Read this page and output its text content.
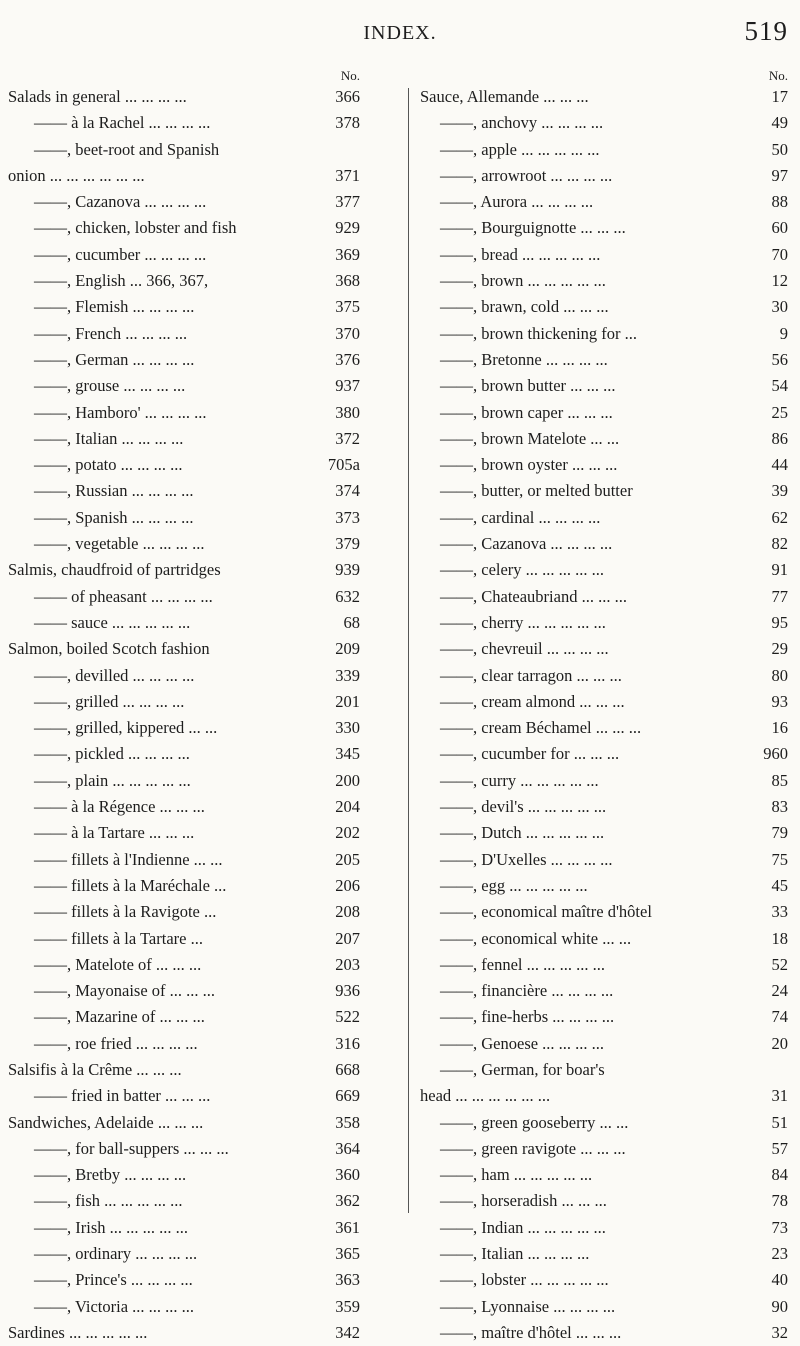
INDEX.	519
No.
Salads in general ... ... ... ...	366
—— à la Rachel ... ... ... ...	378
——, beet-root and Spanish
onion ... ... ... ... ... ...	371
——, Cazanova ... ... ... ...	377
——, chicken, lobster and fish	929
——, cucumber ... ... ... ...	369
——, English ... 366, 367,	368
——, Flemish ... ... ... ...	375
——, French ... ... ... ...	370
——, German ... ... ... ...	376
——, grouse ... ... ... ...	937
——, Hamboro' ... ... ... ...	380
——, Italian ... ... ... ...	372
——, potato ... ... ... ...	705a
——, Russian ... ... ... ...	374
——, Spanish ... ... ... ...	373
——, vegetable ... ... ... ...	379
Salmis, chaudfroid of partridges	939
—— of pheasant ... ... ... ...	632
—— sauce ... ... ... ... ...	68
Salmon, boiled Scotch fashion	209
——, devilled ... ... ... ...	339
——, grilled ... ... ... ...	201
——, grilled, kippered ... ...	330
——, pickled ... ... ... ...	345
——, plain ... ... ... ... ...	200
—— à la Régence ... ... ...	204
—— à la Tartare ... ... ...	202
—— fillets à l'Indienne ... ...	205
—— fillets à la Maréchale ...	206
—— fillets à la Ravigote ...	208
—— fillets à la Tartare ...	207
——, Matelote of ... ... ...	203
——, Mayonaise of ... ... ...	936
——, Mazarine of ... ... ...	522
——, roe fried ... ... ... ...	316
Salsifis à la Crême ... ... ...	668
—— fried in batter ... ... ...	669
Sandwiches, Adelaide ... ... ...	358
——, for ball-suppers ... ... ...	364
——, Bretby ... ... ... ...	360
——, fish ... ... ... ... ...	362
——, Irish ... ... ... ... ...	361
——, ordinary ... ... ... ...	365
——, Prince's ... ... ... ...	363
——, Victoria ... ... ... ...	359
Sardines ... ... ... ... ...	342
No.
Sauce, Allemande ... ... ...	17
——, anchovy ... ... ... ...	49
——, apple ... ... ... ... ...	50
——, arrowroot ... ... ... ...	97
——, Aurora ... ... ... ...	88
——, Bourguignotte ... ... ...	60
——, bread ... ... ... ... ...	70
——, brown ... ... ... ... ...	12
——, brawn, cold ... ... ...	30
——, brown thickening for ...	9
——, Bretonne ... ... ... ...	56
——, brown butter ... ... ...	54
——, brown caper ... ... ...	25
——, brown Matelote ... ...	86
——, brown oyster ... ... ...	44
——, butter, or melted butter	39
——, cardinal ... ... ... ...	62
——, Cazanova ... ... ... ...	82
——, celery ... ... ... ... ...	91
——, Chateaubriand ... ... ...	77
——, cherry ... ... ... ... ...	95
——, chevreuil ... ... ... ...	29
——, clear tarragon ... ... ...	80
——, cream almond ... ... ...	93
——, cream Béchamel ... ... ...	16
——, cucumber for ... ... ...	960
——, curry ... ... ... ... ...	85
——, devil's ... ... ... ... ...	83
——, Dutch ... ... ... ... ...	79
——, D'Uxelles ... ... ... ...	75
——, egg ... ... ... ... ...	45
——, economical maître d'hôtel	33
——, economical white ... ...	18
——, fennel ... ... ... ... ...	52
——, financière ... ... ... ...	24
——, fine-herbs ... ... ... ...	74
——, Genoese ... ... ... ...	20
——, German, for boar's
head ... ... ... ... ... ...	31
——, green gooseberry ... ...	51
——, green ravigote ... ... ...	57
——, ham ... ... ... ... ...	84
——, horseradish ... ... ...	78
——, Indian ... ... ... ... ...	73
——, Italian ... ... ... ...	23
——, lobster ... ... ... ... ...	40
——, Lyonnaise ... ... ... ...	90
——, maître d'hôtel ... ... ...	32
